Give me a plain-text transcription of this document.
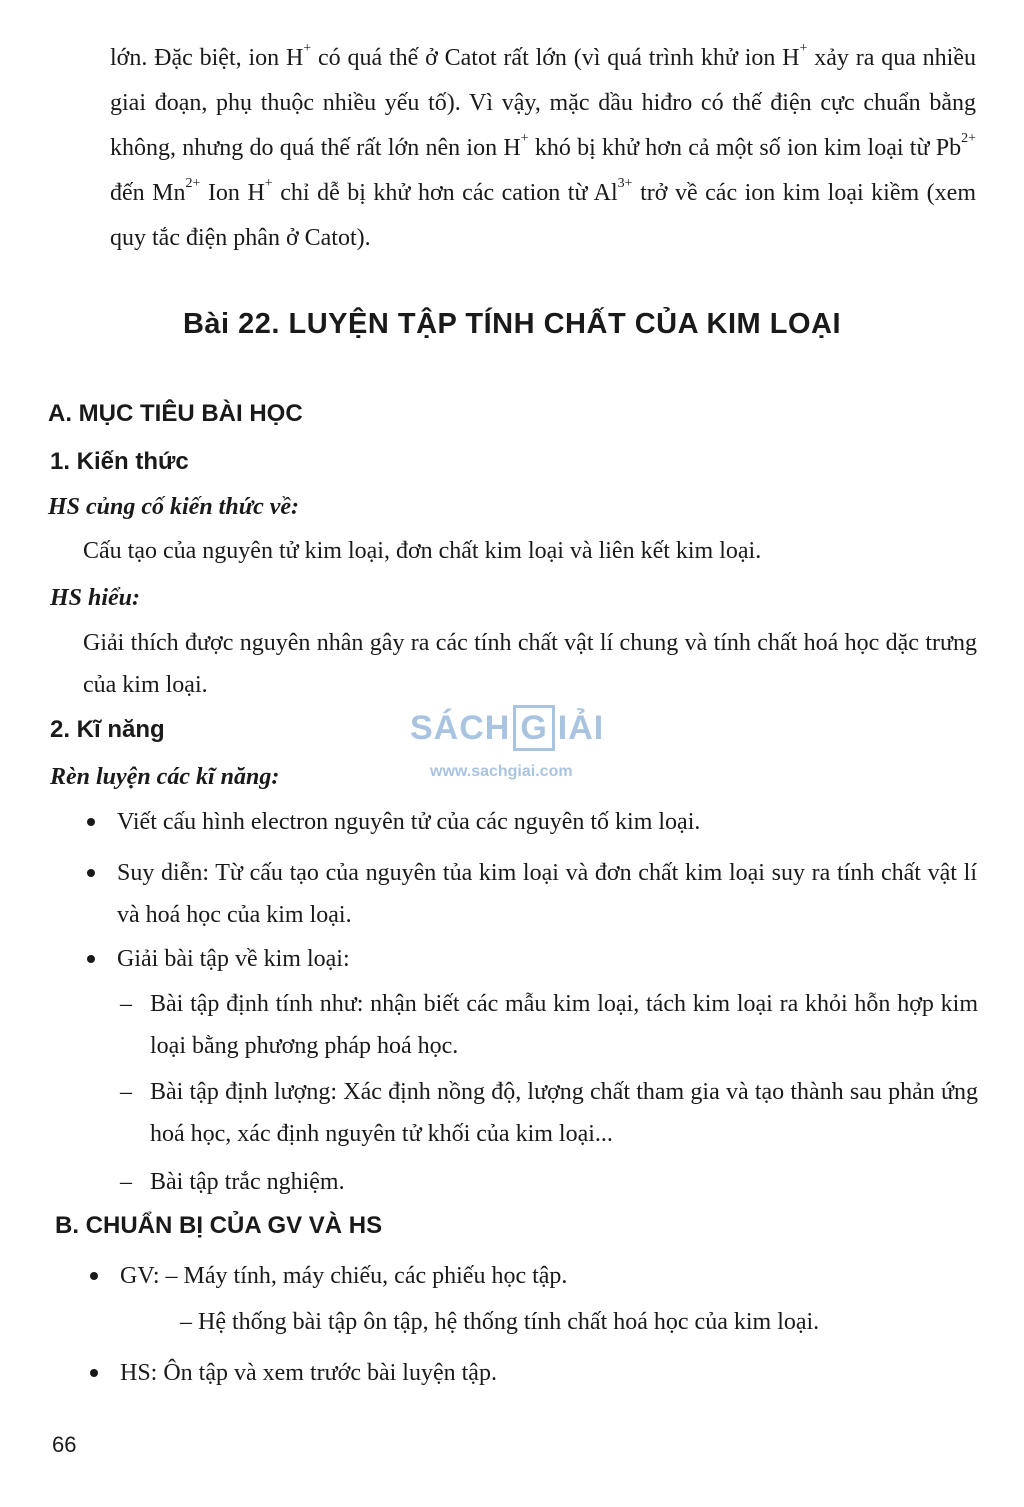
lớn. Đặc biệt, ion H+ có quá thế ở Catot rất lớn (vì quá trình khử ion H+ xảy ra qua nhiều giai đoạn, phụ thuộc nhiều yếu tố). Vì vậy, mặc dầu hiđro có thế điện cực chuẩn bằng không, nhưng do quá thế rất lớn nên ion H+ khó bị khử hơn cả một số ion kim loại từ $Pb^{2+}$ đến $Mn^{2+}$ Ion H+ chỉ dễ bị khử hơn các cation từ $Al^{3+}$ trở về các ion kim loại kiềm (xem quy tắc điện phân ở Catot).

Bài 22. LUYỆN TẬP TÍNH CHẤT CỦA KIM LOẠI
A. MỤC TIÊU BÀI HỌC
1. Kiến thức

HS củng cố kiến thức về:

Cấu tạo của nguyên tử kim loại, đơn chất kim loại và liên kết kim loại.

HS hiểu:

Giải thích được nguyên nhân gây ra các tính chất vật lí chung và tính chất hoá học dặc trưng của kim loại.

2. Kĩ năng	SÁCH G IẢI
www.sachgiai.com

Rèn luyện các kĩ năng:

Viết cấu hình electron nguyên tử của các nguyên tố kim loại.

Suy diễn: Từ cấu tạo của nguyên tủa kim loại và đơn chất kim loại suy ra tính chất vật lí và hoá học của kim loại.

Giải bài tập về kim loại:

– Bài tập định tính như: nhận biết các mẫu kim loại, tách kim loại ra khỏi hỗn hợp kim loại bằng phương pháp hoá học.

– Bài tập định lượng: Xác định nồng độ, lượng chất tham gia và tạo thành sau phản ứng hoá học, xác định nguyên tử khối của kim loại...

– Bài tập trắc nghiệm.

B. CHUẨN BỊ CỦA GV VÀ HS

GV: – Máy tính, máy chiếu, các phiếu học tập.

– Hệ thống bài tập ôn tập, hệ thống tính chất hoá học của kim loại.

HS: Ôn tập và xem trước bài luyện tập.

66
